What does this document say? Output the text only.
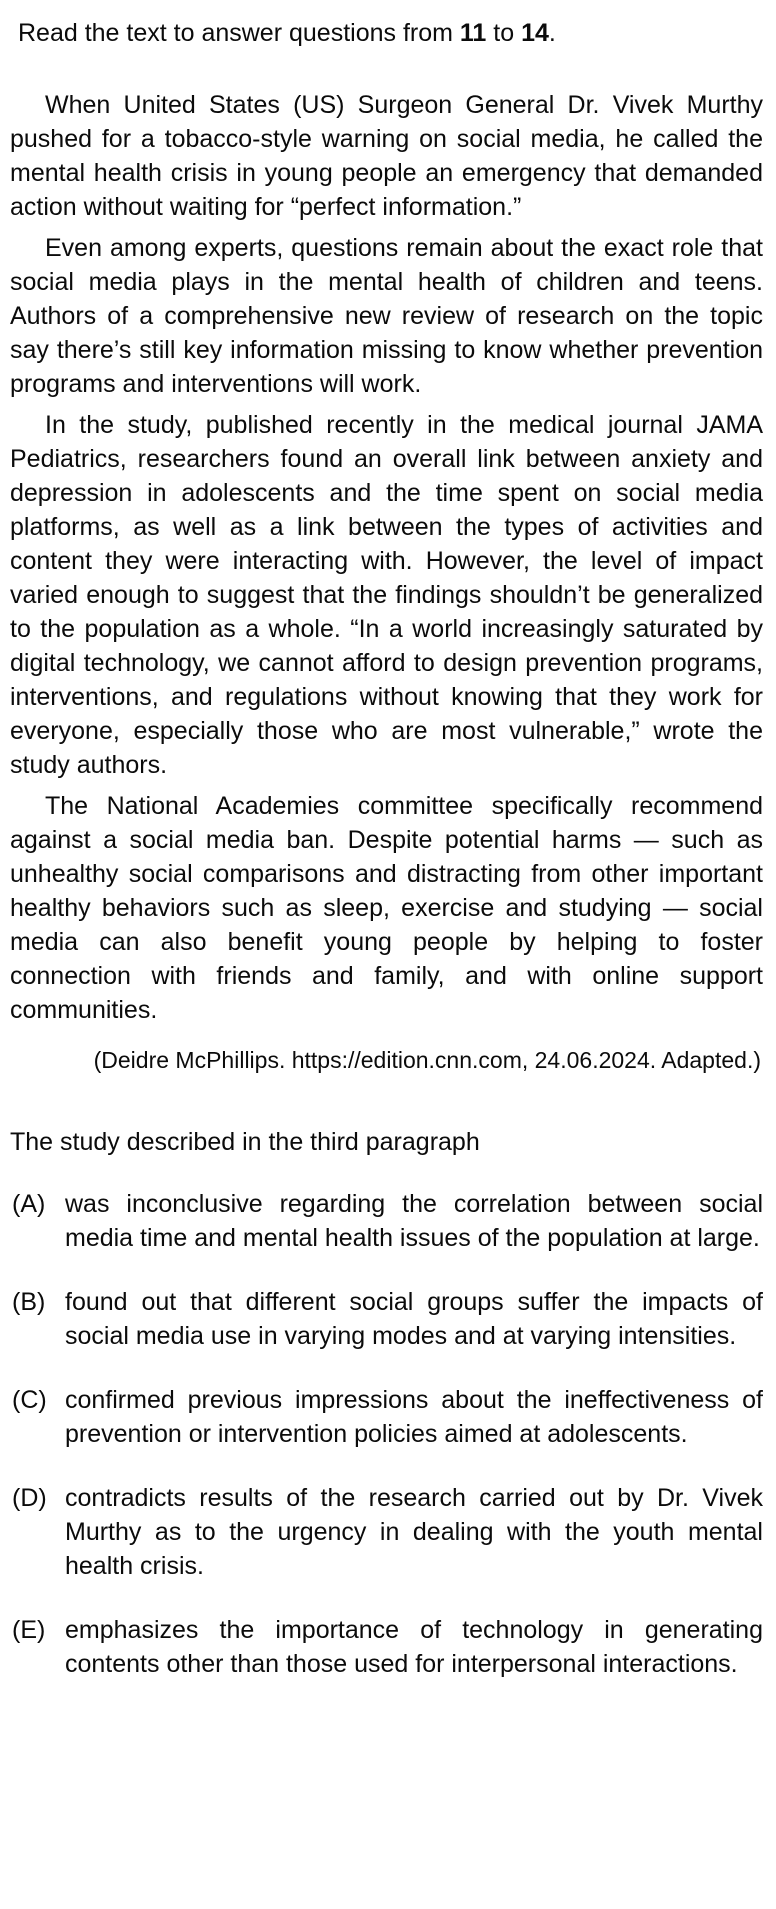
Read the text to answer questions from 11 to 14.

When United States (US) Surgeon General Dr. Vivek Murthy pushed for a tobacco-style warning on social media, he called the mental health crisis in young people an emergency that demanded action without waiting for “perfect information.”

Even among experts, questions remain about the exact role that social media plays in the mental health of children and teens. Authors of a comprehensive new review of research on the topic say there’s still key information missing to know whether prevention programs and interventions will work.

In the study, published recently in the medical journal JAMA Pediatrics, researchers found an overall link between anxiety and depression in adolescents and the time spent on social media platforms, as well as a link between the types of activities and content they were interacting with. However, the level of impact varied enough to suggest that the findings shouldn’t be generalized to the population as a whole. “In a world increasingly saturated by digital technology, we cannot afford to design prevention programs, interventions, and regulations without knowing that they work for everyone, especially those who are most vulnerable,” wrote the study authors.

The National Academies committee specifically recommend against a social media ban. Despite potential harms — such as unhealthy social comparisons and distracting from other important healthy behaviors such as sleep, exercise and studying — social media can also benefit young people by helping to foster connection with friends and family, and with online support communities.

(Deidre McPhillips. https://edition.cnn.com, 24.06.2024. Adapted.)

The study described in the third paragraph

(A) was inconclusive regarding the correlation between social media time and mental health issues of the population at large.
(B) found out that different social groups suffer the impacts of social media use in varying modes and at varying intensities.
(C) confirmed previous impressions about the ineffectiveness of prevention or intervention policies aimed at adolescents.
(D) contradicts results of the research carried out by Dr. Vivek Murthy as to the urgency in dealing with the youth mental health crisis.
(E) emphasizes the importance of technology in generating contents other than those used for interpersonal interactions.
